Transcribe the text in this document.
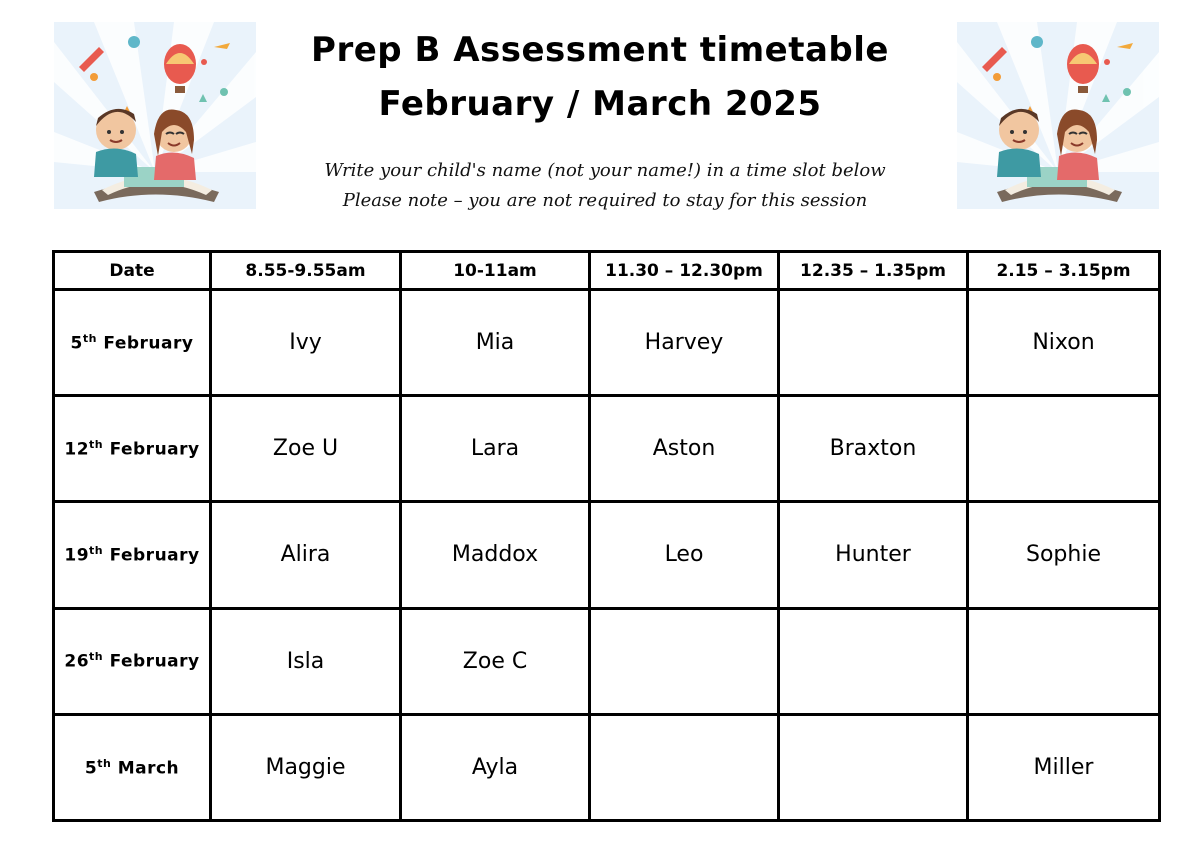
Prep B Assessment timetable
February / March 2025
Write your child's name (not your name!) in a time slot below
Please note – you are not required to stay for this session
Date	8.55-9.55am	10-11am	11.30 – 12.30pm	12.35 – 1.35pm	2.15 – 3.15pm
5th February	Ivy	Mia	Harvey		Nixon
12th February	Zoe U	Lara	Aston	Braxton	
19th February	Alira	Maddox	Leo	Hunter	Sophie
26th February	Isla	Zoe C			
5th March	Maggie	Ayla			Miller
